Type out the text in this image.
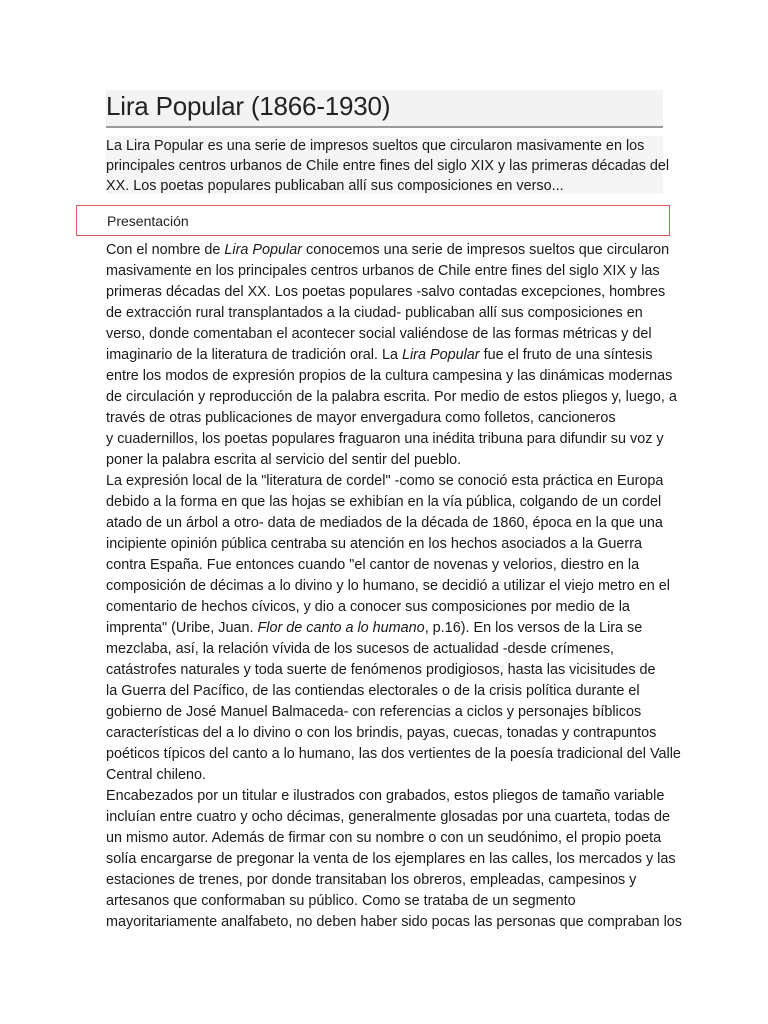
Lira Popular (1866-1930)
La Lira Popular es una serie de impresos sueltos que circularon masivamente en los
principales centros urbanos de Chile entre fines del siglo XIX y las primeras décadas del
XX. Los poetas populares publicaban allí sus composiciones en verso...
Presentación
Con el nombre de Lira Popular conocemos una serie de impresos sueltos que circularon
masivamente en los principales centros urbanos de Chile entre fines del siglo XIX y las
primeras décadas del XX. Los poetas populares -salvo contadas excepciones, hombres
de extracción rural transplantados a la ciudad- publicaban allí sus composiciones en
verso, donde comentaban el acontecer social valiéndose de las formas métricas y del
imaginario de la literatura de tradición oral. La Lira Popular fue el fruto de una síntesis
entre los modos de expresión propios de la cultura campesina y las dinámicas modernas
de circulación y reproducción de la palabra escrita. Por medio de estos pliegos y, luego, a
través de otras publicaciones de mayor envergadura como folletos, cancioneros
y cuadernillos, los poetas populares fraguaron una inédita tribuna para difundir su voz y
poner la palabra escrita al servicio del sentir del pueblo.
La expresión local de la "literatura de cordel" -como se conoció esta práctica en Europa
debido a la forma en que las hojas se exhibían en la vía pública, colgando de un cordel
atado de un árbol a otro- data de mediados de la década de 1860, época en la que una
incipiente opinión pública centraba su atención en los hechos asociados a la Guerra
contra España. Fue entonces cuando "el cantor de novenas y velorios, diestro en la
composición de décimas a lo divino y lo humano, se decidió a utilizar el viejo metro en el
comentario de hechos cívicos, y dio a conocer sus composiciones por medio de la
imprenta" (Uribe, Juan. Flor de canto a lo humano, p.16). En los versos de la Lira se
mezclaba, así, la relación vívida de los sucesos de actualidad -desde crímenes,
catástrofes naturales y toda suerte de fenómenos prodigiosos, hasta las vicisitudes de
la Guerra del Pacífico, de las contiendas electorales o de la crisis política durante el
gobierno de José Manuel Balmaceda- con referencias a ciclos y personajes bíblicos
características del a lo divino o con los brindis, payas, cuecas, tonadas y contrapuntos
poéticos típicos del canto a lo humano, las dos vertientes de la poesía tradicional del Valle
Central chileno.
Encabezados por un titular e ilustrados con grabados, estos pliegos de tamaño variable
incluían entre cuatro y ocho décimas, generalmente glosadas por una cuarteta, todas de
un mismo autor. Además de firmar con su nombre o con un seudónimo, el propio poeta
solía encargarse de pregonar la venta de los ejemplares en las calles, los mercados y las
estaciones de trenes, por donde transitaban los obreros, empleadas, campesinos y
artesanos que conformaban su público. Como se trataba de un segmento
mayoritariamente analfabeto, no deben haber sido pocas las personas que compraban los
